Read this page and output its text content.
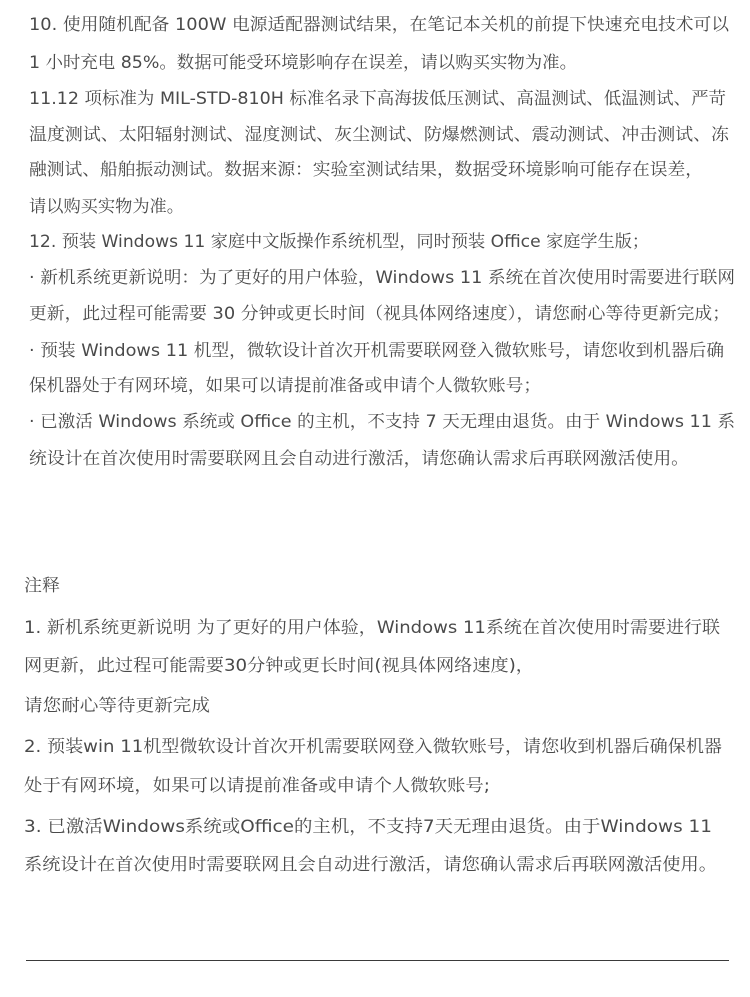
10. 使用随机配备 100W 电源适配器测试结果，在笔记本关机的前提下快速充电技术可以
1 小时充电 85%。数据可能受环境影响存在误差，请以购买实物为准。
11.12 项标准为 MIL-STD-810H 标准名录下高海拔低压测试、高温测试、低温测试、严苛
温度测试、太阳辐射测试、湿度测试、灰尘测试、防爆燃测试、震动测试、冲击测试、冻
融测试、船舶振动测试。数据来源：实验室测试结果，数据受环境影响可能存在误差，
请以购买实物为准。
12. 预装 Windows 11 家庭中文版操作系统机型，同时预装 Office 家庭学生版；
· 新机系统更新说明：为了更好的用户体验，Windows 11 系统在首次使用时需要进行联网
更新，此过程可能需要 30 分钟或更长时间（视具体网络速度），请您耐心等待更新完成；
· 预装 Windows 11 机型，微软设计首次开机需要联网登入微软账号，请您收到机器后确
保机器处于有网环境，如果可以请提前准备或申请个人微软账号；
· 已激活 Windows 系统或 Office 的主机，不支持 7 天无理由退货。由于 Windows 11 系
统设计在首次使用时需要联网且会自动进行激活，请您确认需求后再联网激活使用。
注释
1. 新机系统更新说明 为了更好的用户体验，Windows 11系统在首次使用时需要进行联
网更新，此过程可能需要30分钟或更长时间(视具体网络速度)，
请您耐心等待更新完成
2. 预装win 11机型微软设计首次开机需要联网登入微软账号，请您收到机器后确保机器
处于有网环境，如果可以请提前准备或申请个人微软账号;
3. 已激活Windows系统或Office的主机，不支持7天无理由退货。由于Windows 11
系统设计在首次使用时需要联网且会自动进行激活，请您确认需求后再联网激活使用。
